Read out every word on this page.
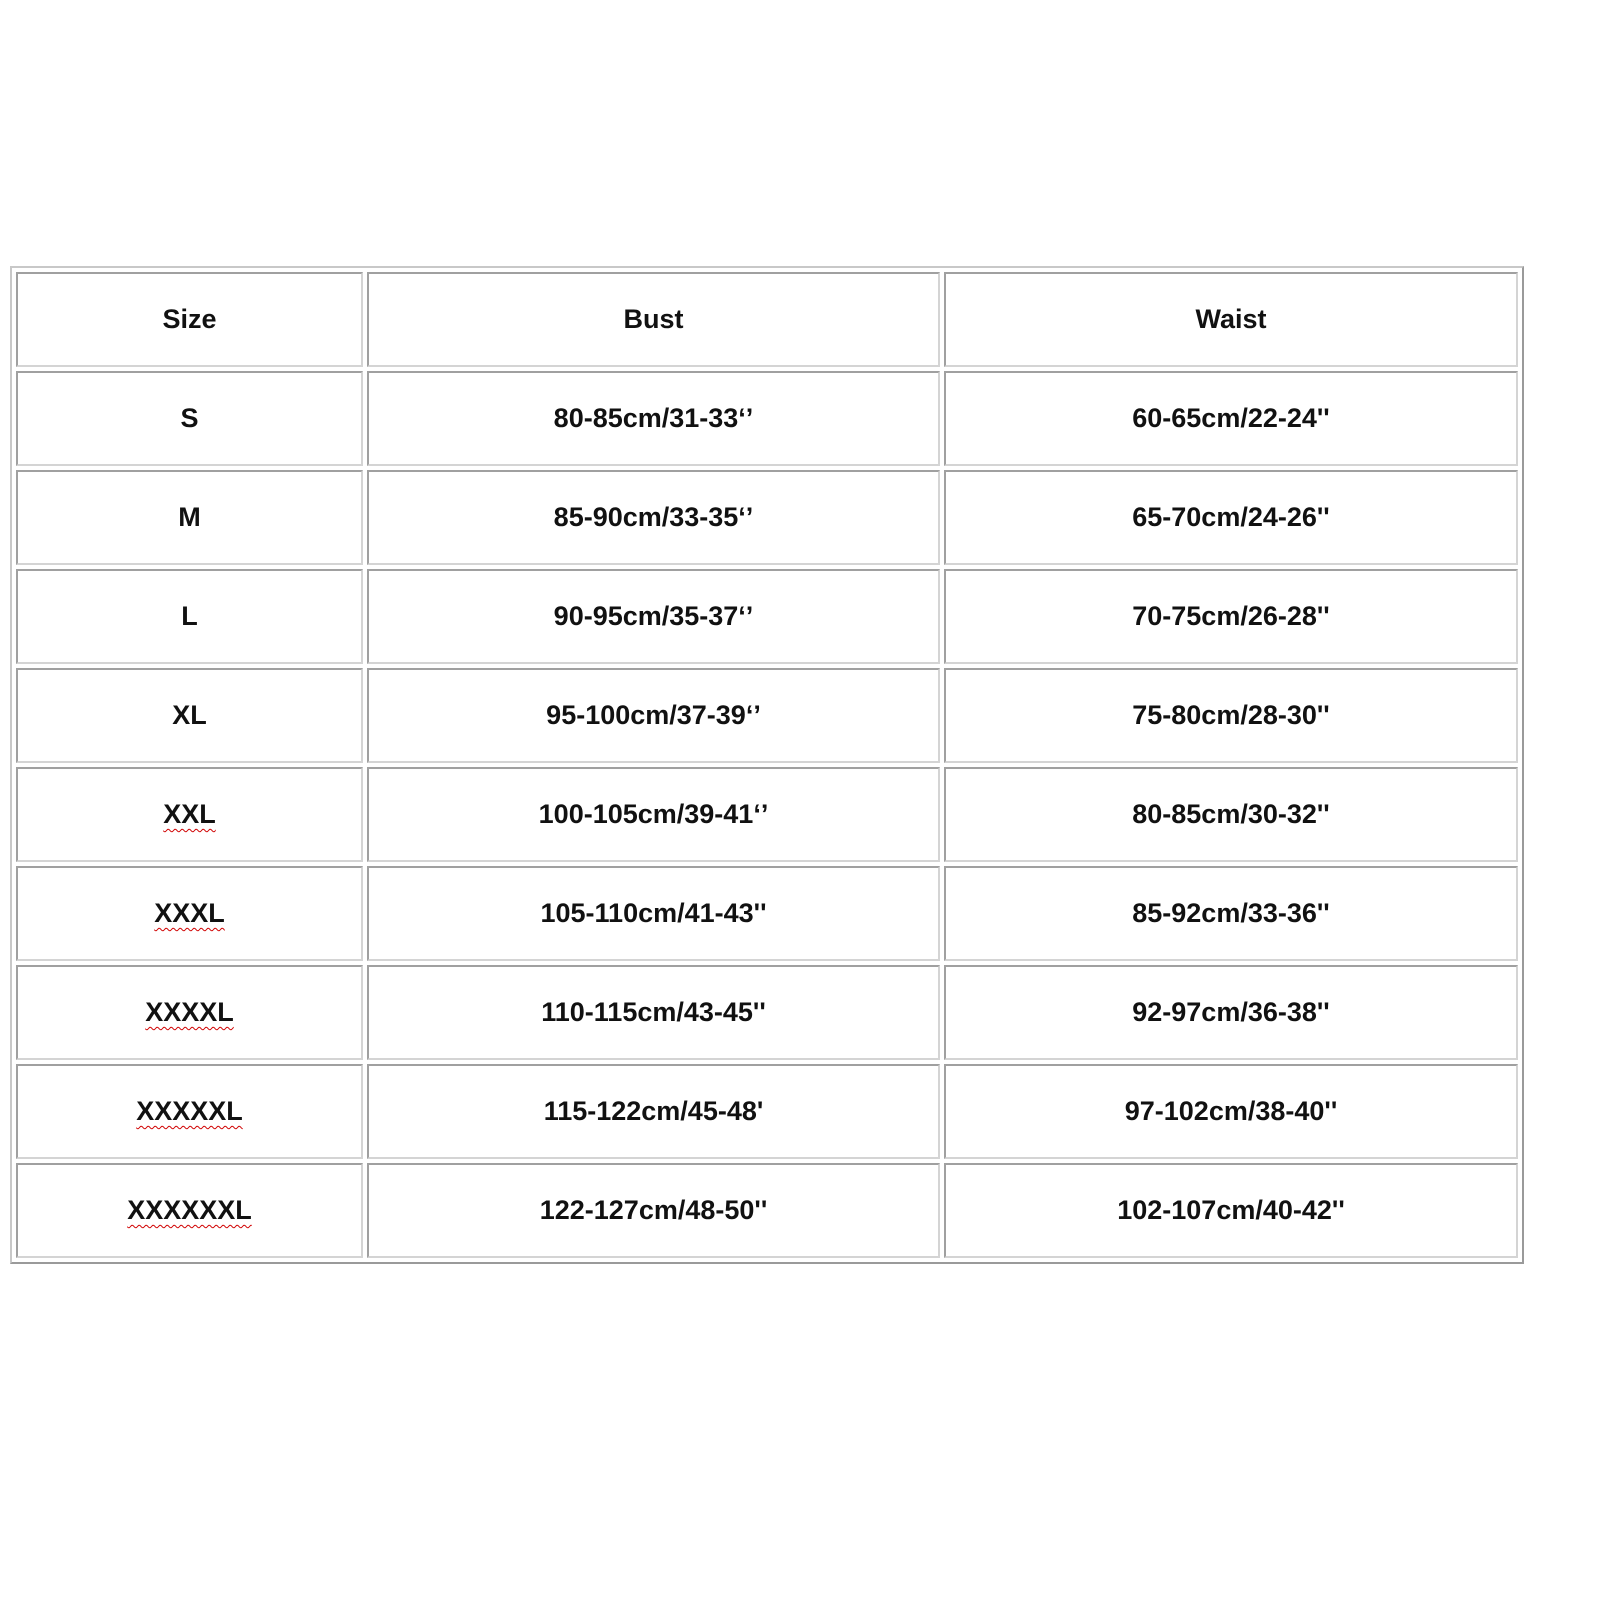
Size	Bust	Waist
S	80-85cm/31-33‘’	60-65cm/22-24''
M	85-90cm/33-35‘’	65-70cm/24-26''
L	90-95cm/35-37‘’	70-75cm/26-28''
XL	95-100cm/37-39‘’	75-80cm/28-30''
XXL	100-105cm/39-41‘’	80-85cm/30-32''
XXXL	105-110cm/41-43''	85-92cm/33-36''
XXXXL	110-115cm/43-45''	92-97cm/36-38''
XXXXXL	115-122cm/45-48'	97-102cm/38-40''
XXXXXXL	122-127cm/48-50''	102-107cm/40-42''
